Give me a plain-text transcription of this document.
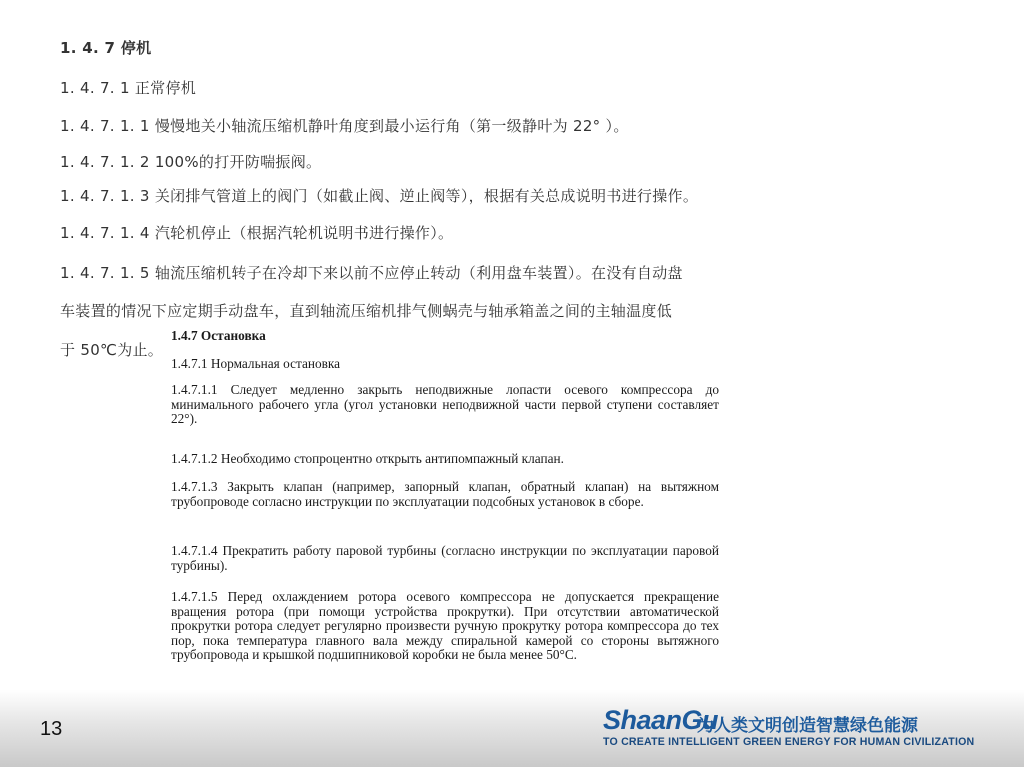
1. 4. 7 停机
1. 4. 7. 1 正常停机
1. 4. 7. 1. 1 慢慢地关小轴流压缩机静叶角度到最小运行角（第一级静叶为 22° ）。
1. 4. 7. 1. 2 100%的打开防喘振阀。
1. 4. 7. 1. 3 关闭排气管道上的阀门（如截止阀、逆止阀等），根据有关总成说明书进行操作。
1. 4. 7. 1. 4 汽轮机停止（根据汽轮机说明书进行操作）。
1. 4. 7. 1. 5 轴流压缩机转子在冷却下来以前不应停止转动（利用盘车装置）。在没有自动盘
车装置的情况下应定期手动盘车，直到轴流压缩机排气侧蜗壳与轴承箱盖之间的主轴温度低
于 50℃为止。
1.4.7 Остановка
1.4.7.1 Нормальная остановка
1.4.7.1.1 Следует медленно закрыть неподвижные лопасти осевого компрессора до минимального рабочего угла (угол установки неподвижной части первой ступени составляет 22°).
1.4.7.1.2 Необходимо стопроцентно открыть антипомпажный клапан.
1.4.7.1.3 Закрыть клапан (например, запорный клапан, обратный клапан) на вытяжном трубопроводе согласно инструкции по эксплуатации подсобных установок в сборе.
1.4.7.1.4 Прекратить работу паровой турбины (согласно инструкции по эксплуатации паровой турбины).
1.4.7.1.5 Перед охлаждением ротора осевого компрессора не допускается прекращение вращения ротора (при помощи устройства прокрутки). При отсутствии автоматической прокрутки ротора следует регулярно произвести ручную прокрутку ротора компрессора до тех пор, пока температура главного вала между спиральной камерой со стороны вытяжного трубопровода и крышкой подшипниковой коробки не была менее 50°C.
13	ShaanGu
为人类文明创造智慧绿色能源
TO CREATE INTELLIGENT GREEN ENERGY FOR HUMAN CIVILIZATION
